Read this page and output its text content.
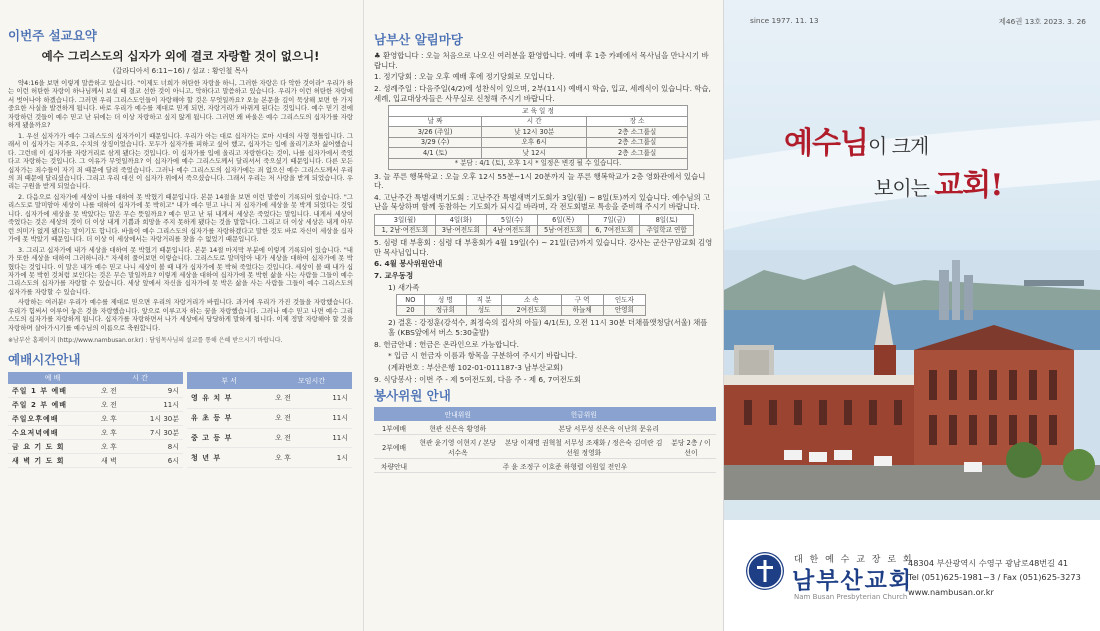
이번주 설교요약
예수 그리스도의 십자가 외에 결코 자랑할 것이 없으니!
(갈라디아서 6:11~16) / 설교 : 황인철 목사

약4:16을 보면 이렇게 말씀하고 있습니다. "이제도 너희가 허탄한 자랑을 하니, 그러한 자랑은 다 악한 것이라" 우리가 하는 이런 허탄한 자랑이 하나님께서 보실 때 결코 선한 것이 아니고, 악하다고 말씀하고 있습니다. 우리가 이런 허탄한 자랑에서 벗어나야 하겠습니다. 그러면 우리 그리스도인들이 자랑해야 할 것은 무엇일까요? 오늘 본문을 깊이 묵상해 보면 한 가지 중요한 사실을 발견하게 됩니다. 바로 우리가 예수를 제대로 믿게 되면, 자랑거리가 바뀌게 된다는 것입니다. 예수 믿기 전에 자랑하던 것들이 예수 믿고 난 뒤에는 더 이상 자랑하고 싶지 않게 됩니다. 그러면 왜 바울은 예수 그리스도의 십자가를 자랑하게 됐을까요?

1. 우선 십자가가 예수 그리스도의 십자가이기 때문입니다. 우리가 아는 대로 십자가는 로마 시대의 사형 형틀입니다. 그래서 이 십자가는 저주요, 수치의 상징이었습니다. 모두가 십자가를 피하고 싶어 했고, 십자가는 입에 올리기조차 싫어했습니다. 그런데 이 십자가를 자랑거리로 삼게 됐다는 것입니다. 이 십자가를 입에 올리고 자랑한다는 것이, 나를 십자가에서 죽었다고 자랑하는 것입니다. 그 이유가 무엇일까요? 이 십자가에 예수 그리스도께서 달리셔서 죽으셨기 때문입니다. 다른 모든 십자가는 죄수들이 자기 죄 때문에 달려 죽었습니다. 그러나 예수 그리스도의 십자가에는 죄 없으신 예수 그리스도께서 우리의 죄 때문에 달리셨습니다. 그리고 우리 대신 이 십자가 위에서 죽으셨습니다. 그래서 우리는 저 사랑을 받게 되었습니다. 우리는 구원을 받게 되었습니다.

2. 다음으로 십자가에 세상이 나를 대하여 못 박혔기 때문입니다. 본문 14절을 보면 이런 말씀이 기록되어 있습니다. "그리스도로 말미암아 세상이 나를 대하여 십자가에 못 박히고" 내가 예수 믿고 나니 저 십자가에 세상을 못 박게 되었다는 것입니다. 십자가에 세상을 못 박았다는 말은 무슨 뜻일까요? 예수 믿고 난 뒤 내게서 세상은 죽었다는 말입니다. 내게서 세상이 죽었다는 것은 세상의 것이 더 이상 내게 기쁨과 희망을 주지 못하게 됐다는 것을 말합니다. 그리고 더 이상 세상은 내게 아무런 의미가 없게 됐다는 말이기도 합니다. 바울이 예수 그리스도의 십자가를 자랑하겠다고 말한 것도 바로 자신이 세상을 십자가에 못 박았기 때문입니다. 더 이상 이 세상에서는 자랑거리를 찾을 수 없었기 때문입니다.

3. 그리고 십자가에 내가 세상을 대하여 못 박혔기 때문입니다. 본문 14절 마지막 부분에 이렇게 기록되어 있습니다. "내가 또한 세상을 대하여 그러하니라." 자세히 풀어보면 이렇습니다. 그리스도로 말미암아 내가 세상을 대하여 십자가에 못 박혔다는 것입니다. 이 말은 내가 예수 믿고 나니 세상이 볼 때 내가 십자가에 못 박혀 죽었다는 것입니다. 세상이 볼 때 내가 십자가에 못 박힌 것처럼 보인다는 것은 무슨 말일까요? 이렇게 세상을 대하여 십자가에 못 박힌 삶을 사는 사람들 그들이 예수 그리스도의 십자가를 자랑할 수 있습니다. 세상 앞에서 자신을 십자가에 못 박은 삶을 사는 사람들 그들이 예수 그리스도의 십자가를 자랑할 수 있습니다.

사랑하는 여러분! 우리가 예수를 제대로 믿으면 우리의 자랑거리가 바뀝니다. 과거에 우리가 가진 것들을 자랑했습니다. 우리가 힘써서 이루어 놓은 것을 자랑했습니다. 앞으로 이루고자 하는 꿈을 자랑했습니다. 그러나 예수 믿고 나면 예수 그리스도의 십자가를 자랑하게 됩니다. 십자가를 자랑하면서 나가 세상에서 당당하게 말하게 됩니다. 이제 정말 자랑해야 할 것을 자랑하며 살아가시기를 예수님의 이름으로 축원합니다.

※남부산 홈페이지 (http://www.nambusan.or.kr) : 담임목사님의 설교를 통해 은혜 받으시기 바랍니다.
예배시간안내
예 배	시 간	
주일 1 부 예배	오 전	9시
주일 2 부 예배	오 전	11시
주일오후예배	오 후	1시 30분
수요저녁예배	오 후	7시 30분
금 요 기 도 회	오 후	8시
새 벽 기 도 회	새 벽	6시
부 서	모임시간	
영 유 치 부	오 전	11시
유 초 등 부	오 전	11시
중 고 등 부	오 전	11시
청 년 부	오 후	1시
남부산 알림마당
♣ 환영합니다 : 오늘 처음으로 나오신 여러분을 환영합니다. 예배 후 1층 카페에서 목사님을 만나시기 바랍니다.
1. 정기당회 : 오늘 오후 예배 후에 정기당회로 모입니다.
2. 성례주일 : 다음주일(4/2)에 성찬식이 있으며, 2부(11시) 예배시 학습, 입교, 세례식이 있습니다. 학습, 세례, 입교대상자들은 사무실로 신청해 주시기 바랍니다.
교 육 일 정		
날 짜	시 간	장 소
3/26 (주일)	낮 12시 30분	2층 소그룹실
3/29 (수)	오후 6시	2층 소그룹실
4/1 (토)	낮 12시	2층 소그룹실
* 분담 : 4/1 (토), 오후 1시 * 일정은 변경 될 수 있습니다.		
3. 늘 푸른 행복학교 : 오늘 오후 12시 55분~1시 20분까지 늘 푸른 행복학교가 2층 영화관에서 있습니다.
4. 고난주간 특별새벽기도회 : 고난주간 특별새벽기도회가 3일(월) ~ 8일(토)까지 있습니다. 예수님의 고난을 묵상하며 함께 동참하는 기도회가 되시길 바라며, 각 전도회별로 특송을 준비해 주시기 바랍니다.
3일(월)	4일(화)	5일(수)	6일(목)	7일(금)	8일(토)
1, 2남·여전도회	3남·여전도회	4남·여전도회	5남·여전도회	6, 7여전도회	주일학교 연합
5. 심령 대 부흥회 : 심령 대 부흥회가 4월 19일(수) ~ 21일(금)까지 있습니다. 강사는 군산구암교회 김영만 목사님입니다.
6. 4월 봉사위원안내
7. 교우동정
1) 새가족
NO	성 명	직 분	소 속	구 역	인도자
20	정규희	성도	2여전도회	하늘채	안영희
2) 결혼 : 강정훈(강석수, 최정숙의 집사의 아들) 4/1(토), 오전 11시 30분 더채플앳청담(서울) 채플홀 (KBS앞에서 버스 5:30출발)
8. 헌금안내 : 헌금은 온라인으로 가능합니다.
* 입금 시 헌금자 이름과 항목을 구분하여 주시기 바랍니다.
(계좌번호 : 부산은행 102-01-011187-3 남부산교회)
9. 식당봉사 : 이번 주 - 제 5여전도회, 다음 주 - 제 6, 7여전도회
봉사위원 안내
	안내위원	헌금위원	
1부예배	현관 신은옥 황영하	본당 서무성 신은옥 이난희 문유리	
2부예배	현관 윤기영 이현지 / 본당 서수옥	본당 이재명 권혁철 서무성 조재화 / 정은숙 김미란 김선원 정영화	분당 2층 / 이선이
차량안내	주 윤 조정구 이호준 하형렬 이원일 전인우		
since 1977. 11. 13	제46권 13호 2023. 3. 26
예수님이 크게
보이는 교회!
대 한 예 수 교 장 로 회
남부산교회
Nam Busan Presbyterian Church
48304 부산광역시 수영구 광남로48번길 41
Tel (051)625-1981~3 / Fax (051)625-3273
www.nambusan.or.kr
